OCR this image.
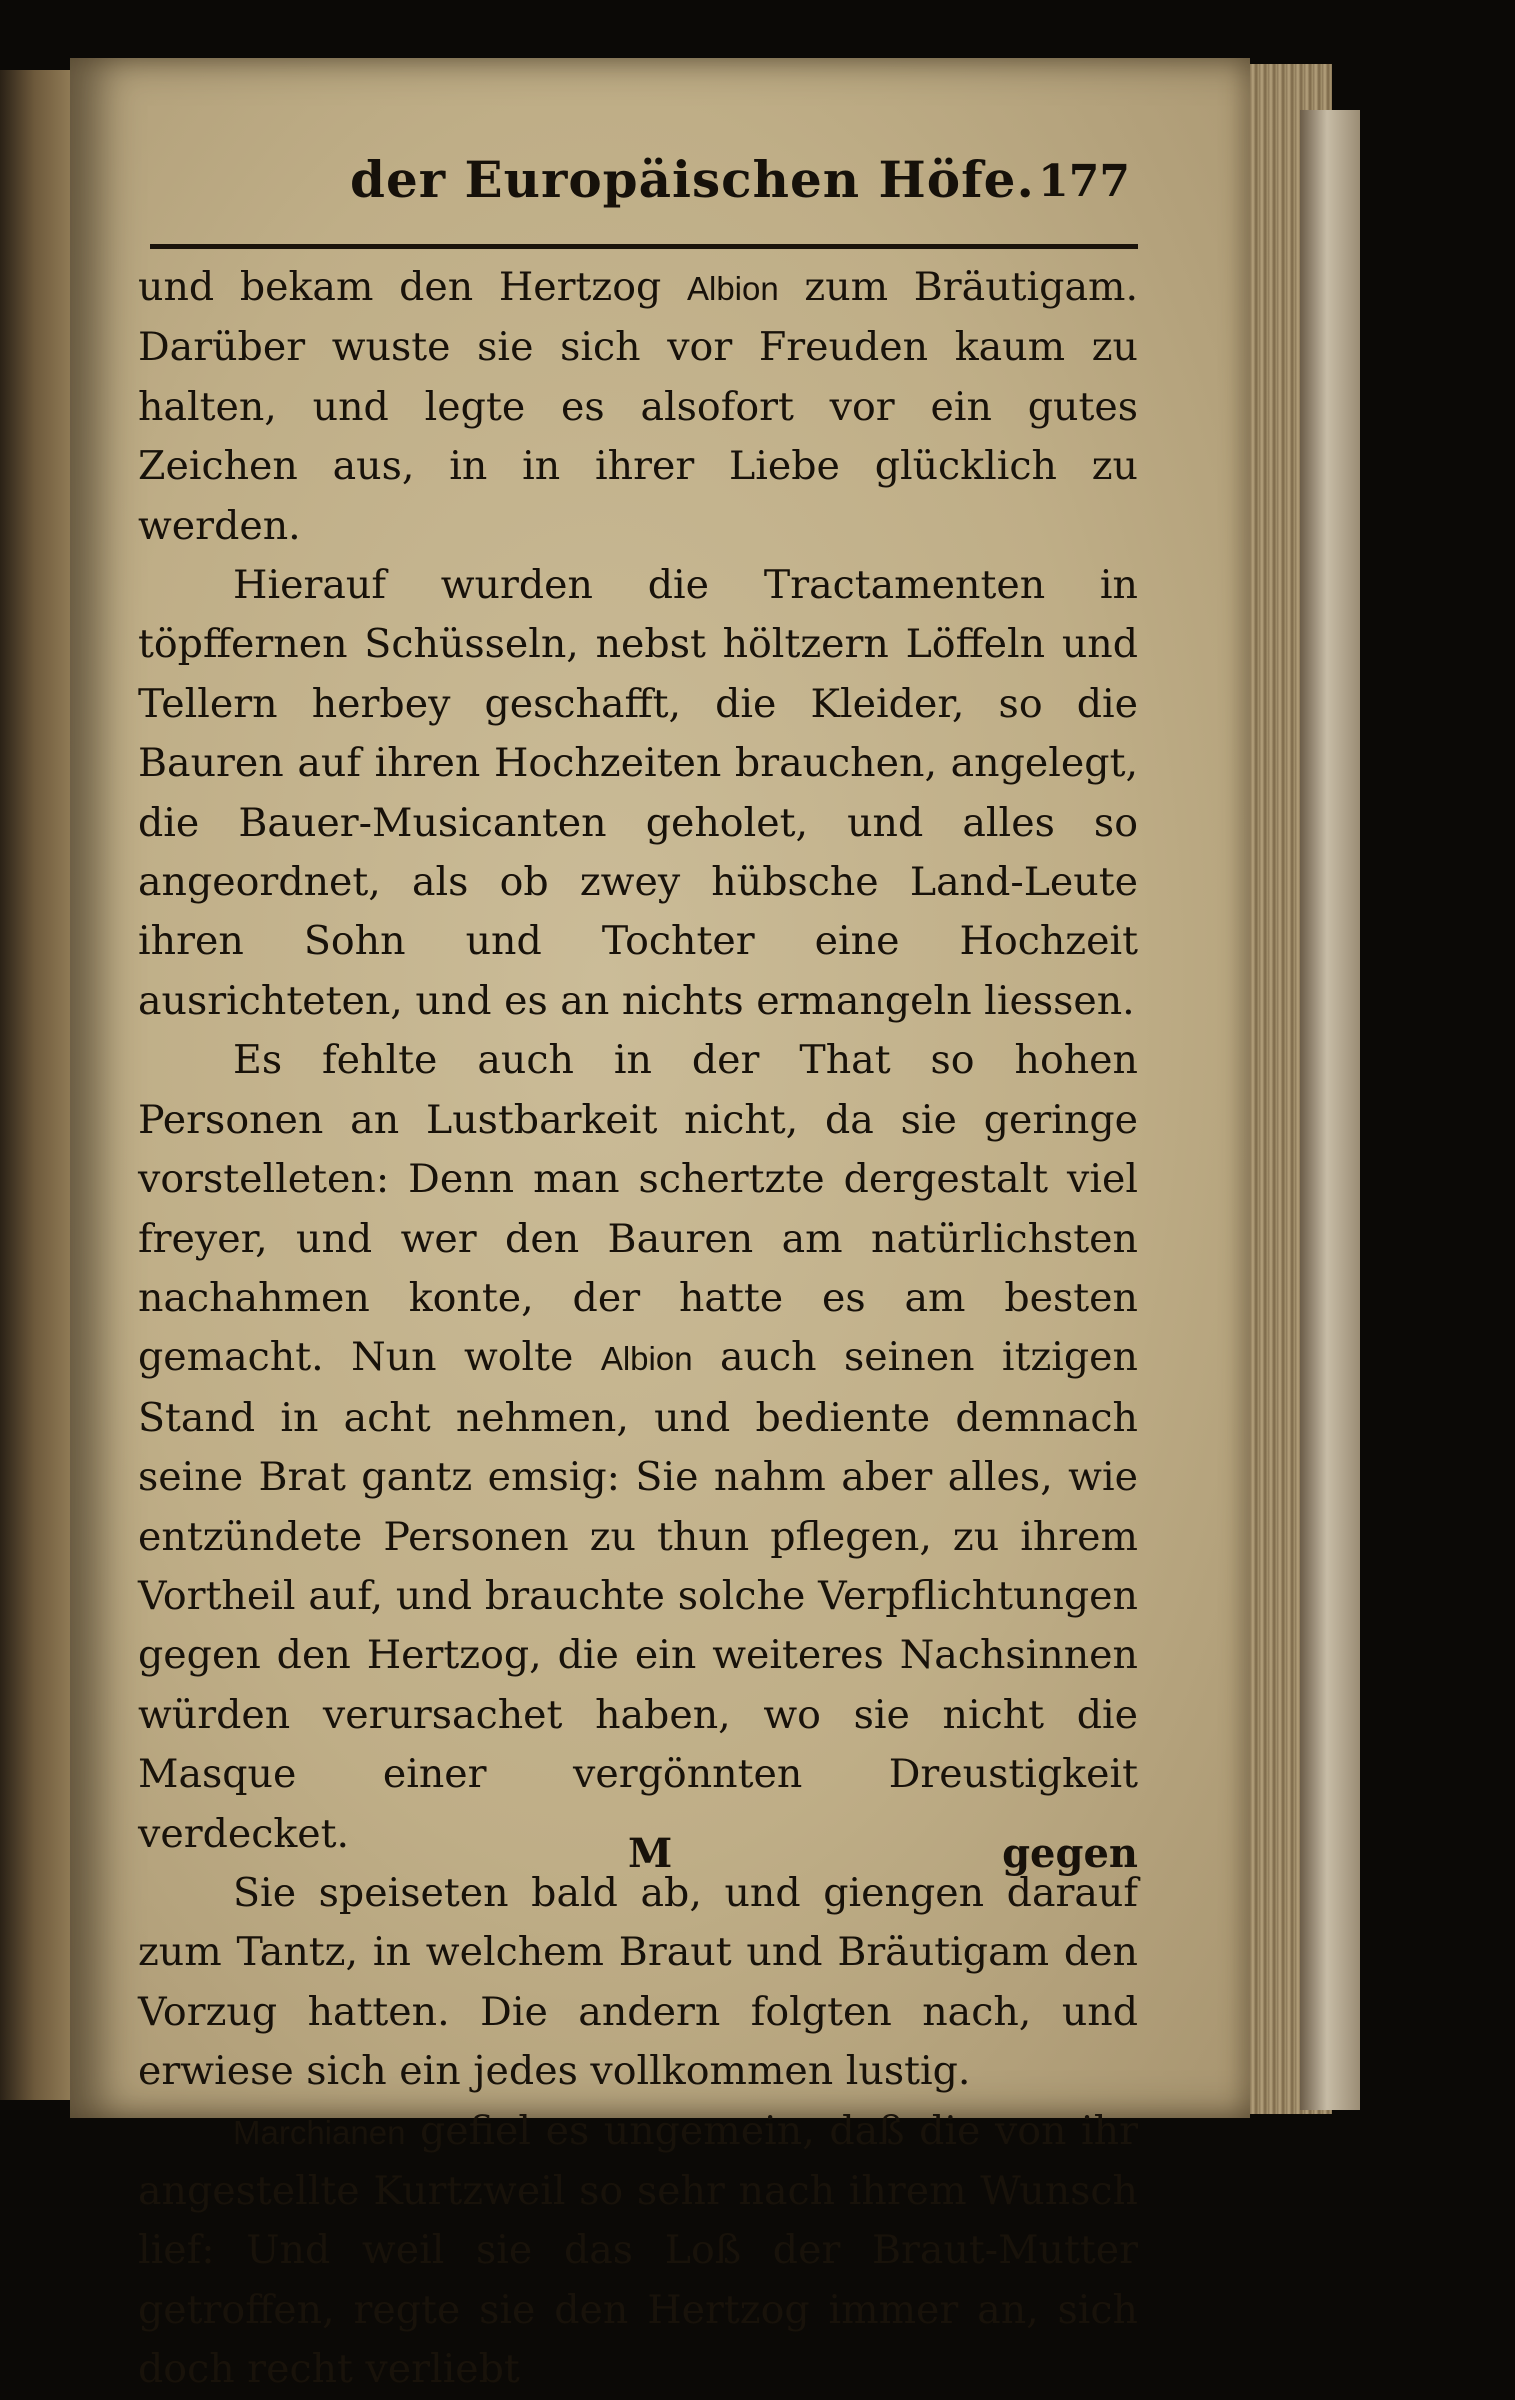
der Europäischen Höfe. 177

und bekam den Hertzog Albion zum Bräutigam. Darüber wuste sie sich vor Freuden kaum zu halten, und legte es alsofort vor ein gutes Zeichen aus, in in ihrer Liebe glücklich zu werden.

Hierauf wurden die Tractamenten in töpffernen Schüsseln, nebst höltzern Löffeln und Tellern herbey geschafft, die Kleider, so die Bauren auf ihren Hochzeiten brauchen, angelegt, die Bauer-Musicanten geholet, und alles so angeordnet, als ob zwey hübsche Land-Leute ihren Sohn und Tochter eine Hochzeit ausrichteten, und es an nichts ermangeln liessen.

Es fehlte auch in der That so hohen Personen an Lustbarkeit nicht, da sie geringe vorstelleten: Denn man schertzte dergestalt viel freyer, und wer den Bauren am natürlichsten nachahmen konte, der hatte es am besten gemacht. Nun wolte Albion auch seinen itzigen Stand in acht nehmen, und bediente demnach seine Brat gantz emsig: Sie nahm aber alles, wie entzündete Personen zu thun pflegen, zu ihrem Vortheil auf, und brauchte solche Verpflichtungen gegen den Hertzog, die ein weiteres Nachsinnen würden verursachet haben, wo sie nicht die Masque einer vergönnten Dreustigkeit verdecket.

Sie speiseten bald ab, und giengen darauf zum Tantz, in welchem Braut und Bräutigam den Vorzug hatten. Die andern folgten nach, und erwiese sich ein jedes vollkommen lustig.

Marchianen gefiel es ungemein, daß die von ihr angestellte Kurtzweil so sehr nach ihrem Wunsch lief: Und weil sie das Loß der Braut-Mutter getroffen, regte sie den Hertzog immer an, sich doch recht verliebt

M	gegen
